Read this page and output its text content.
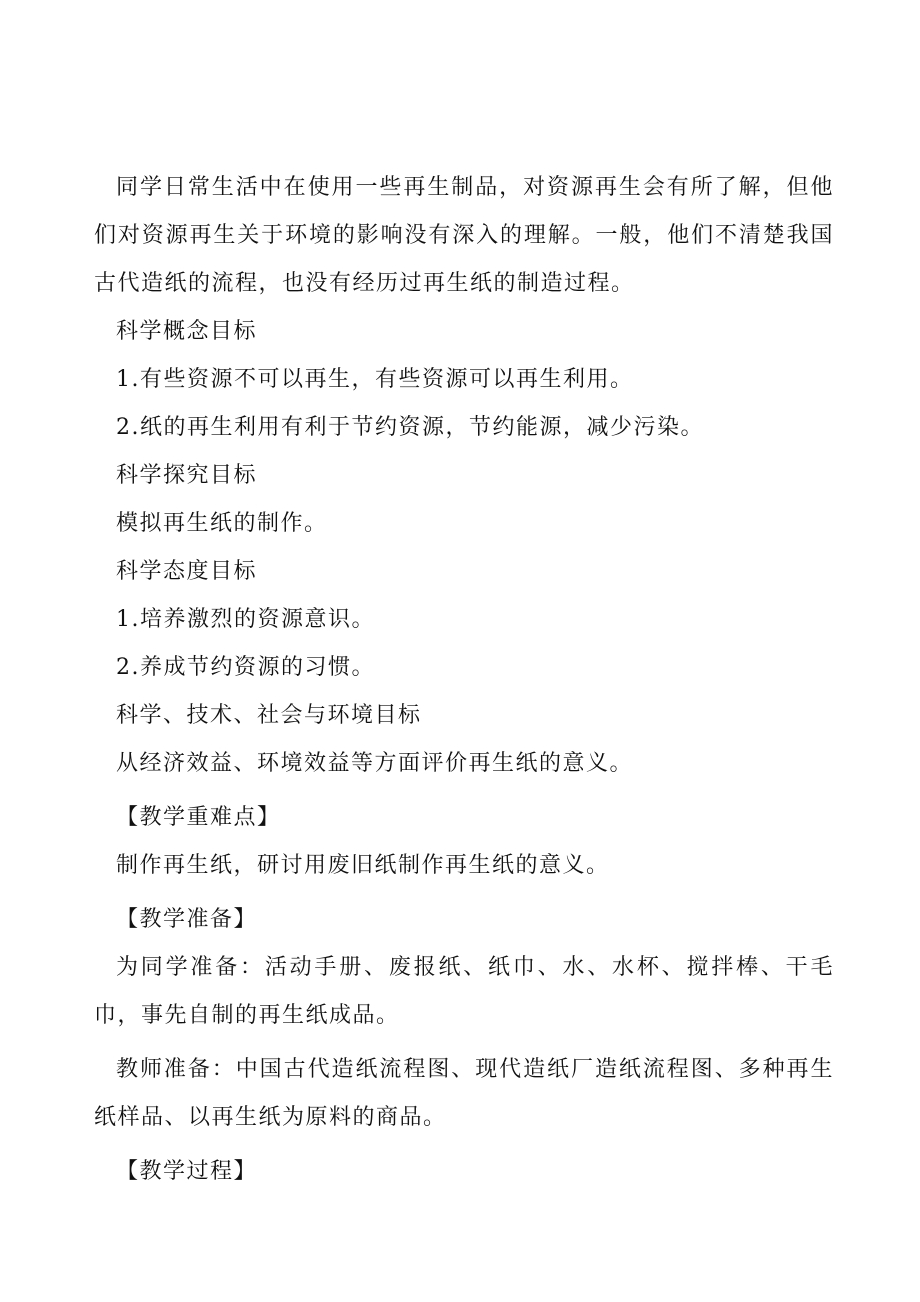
同学日常生活中在使用一些再生制品，对资源再生会有所了解，但他们对资源再生关于环境的影响没有深入的理解。一般，他们不清楚我国古代造纸的流程，也没有经历过再生纸的制造过程。

科学概念目标

1.有些资源不可以再生，有些资源可以再生利用。

2.纸的再生利用有利于节约资源，节约能源，减少污染。

科学探究目标

模拟再生纸的制作。

科学态度目标

1.培养激烈的资源意识。

2.养成节约资源的习惯。

科学、技术、社会与环境目标

从经济效益、环境效益等方面评价再生纸的意义。

【教学重难点】

制作再生纸，研讨用废旧纸制作再生纸的意义。

【教学准备】

为同学准备：活动手册、废报纸、纸巾、水、水杯、搅拌棒、干毛巾，事先自制的再生纸成品。

教师准备：中国古代造纸流程图、现代造纸厂造纸流程图、多种再生纸样品、以再生纸为原料的商品。

【教学过程】
